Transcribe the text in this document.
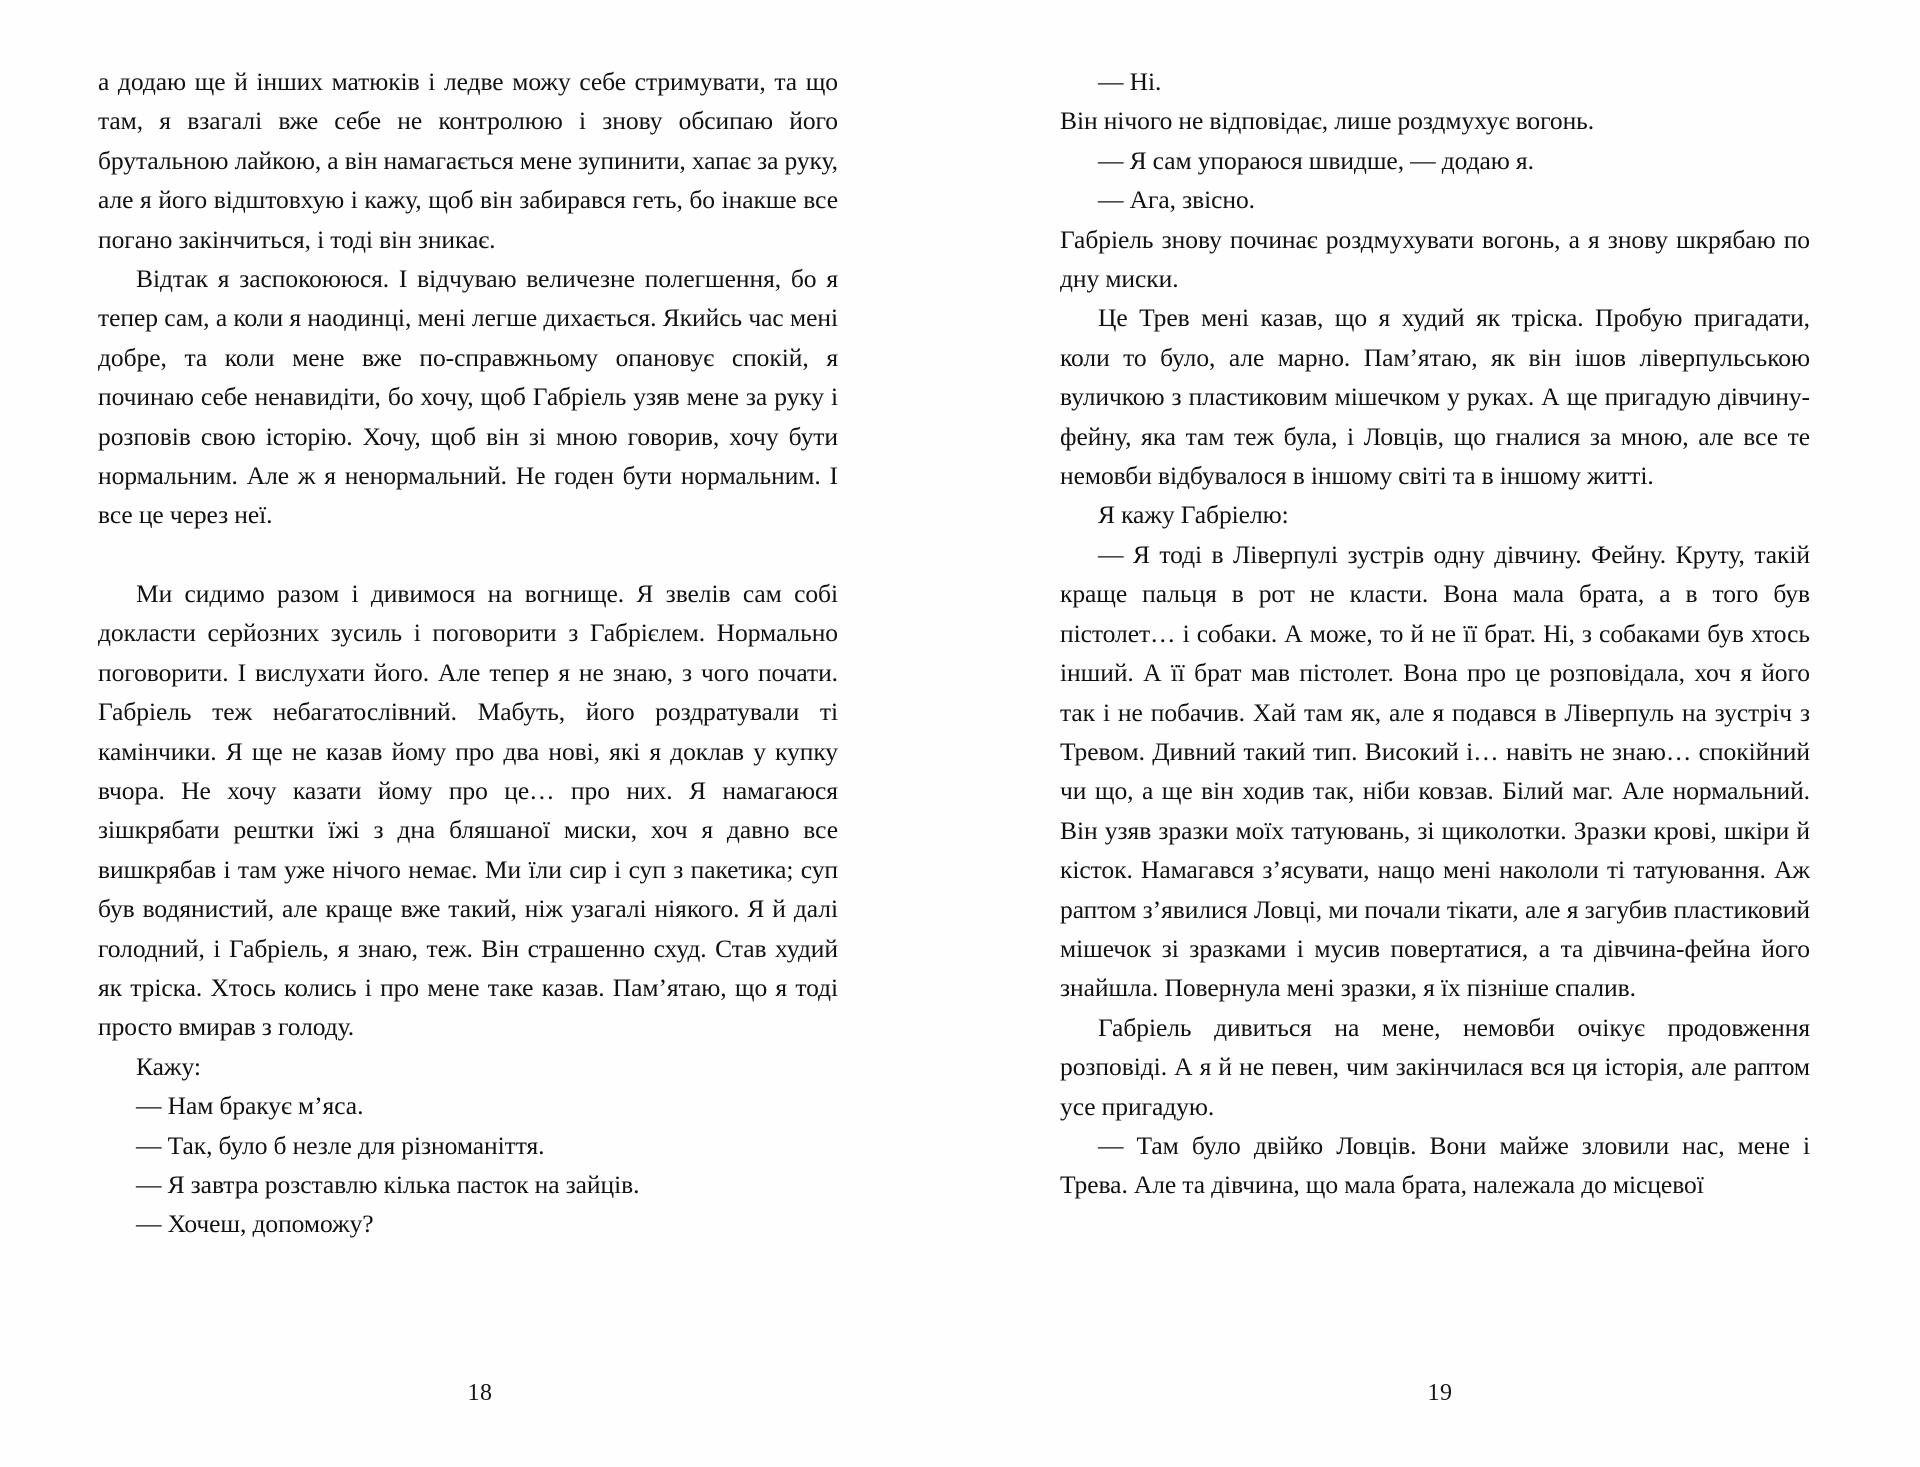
а додаю ще й інших матюків і ледве можу себе стримувати, та що там, я взагалі вже себе не контролюю і знову обсипаю його брутальною лайкою, а він намагається мене зупинити, хапає за руку, але я його відштовхую і кажу, щоб він забирався геть, бо інакше все погано закінчиться, і тоді він зникає.

Відтак я заспокоююся. І відчуваю величезне полегшення, бо я тепер сам, а коли я наодинці, мені легше дихається. Якийсь час мені добре, та коли мене вже по-справжньому опановує спокій, я починаю себе ненавидіти, бо хочу, щоб Габріель узяв мене за руку і розповів свою історію. Хочу, щоб він зі мною говорив, хочу бути нормальним. Але ж я ненормальний. Не годен бути нормальним. І все це через неї.

Ми сидимо разом і дивимося на вогнище. Я звелів сам собі докласти серйозних зусиль і поговорити з Габрієлем. Нормально поговорити. І вислухати його. Але тепер я не знаю, з чого почати. Габріель теж небагатослівний. Мабуть, його роздратували ті камінчики. Я ще не казав йому про два нові, які я доклав у купку вчора. Не хочу казати йому про це… про них. Я намагаюся зішкрябати рештки їжі з дна бляшаної миски, хоч я давно все вишкрябав і там уже нічого немає. Ми їли сир і суп з пакетика; суп був водянистий, але краще вже такий, ніж узагалі ніякого. Я й далі голодний, і Габріель, я знаю, теж. Він страшенно схуд. Став худий як тріска. Хтось колись і про мене таке казав. Пам’ятаю, що я тоді просто вмирав з голоду.

Кажу:

— Нам бракує м’яса.

— Так, було б незле для різноманіття.

— Я завтра розставлю кілька пасток на зайців.

— Хочеш, допоможу?

18

— Ні.

Він нічого не відповідає, лише роздмухує вогонь.

— Я сам упораюся швидше, — додаю я.

— Ага, звісно.

Габріель знову починає роздмухувати вогонь, а я знову шкрябаю по дну миски.

Це Трев мені казав, що я худий як тріска. Пробую пригадати, коли то було, але марно. Пам’ятаю, як він ішов ліверпульською вуличкою з пластиковим мішечком у руках. А ще пригадую дівчину-фейну, яка там теж була, і Ловців, що гналися за мною, але все те немовби відбувалося в іншому світі та в іншому житті.

Я кажу Габріелю:

— Я тоді в Ліверпулі зустрів одну дівчину. Фейну. Круту, такій краще пальця в рот не класти. Вона мала брата, а в того був пістолет… і собаки. А може, то й не її брат. Ні, з собаками був хтось інший. А її брат мав пістолет. Вона про це розповідала, хоч я його так і не побачив. Хай там як, але я подався в Ліверпуль на зустріч з Тревом. Дивний такий тип. Високий і… навіть не знаю… спокійний чи що, а ще він ходив так, ніби ковзав. Білий маг. Але нормальний. Він узяв зразки моїх татуювань, зі щиколотки. Зразки крові, шкіри й кісток. Намагався з’ясувати, нащо мені накололи ті татуювання. Аж раптом з’явилися Ловці, ми почали тікати, але я загубив пластиковий мішечок зі зразками і мусив повертатися, а та дівчина-фейна його знайшла. Повернула мені зразки, я їх пізніше спалив.

Габріель дивиться на мене, немовби очікує продовження розповіді. А я й не певен, чим закінчилася вся ця історія, але раптом усе пригадую.

— Там було двійко Ловців. Вони майже зловили нас, мене і Трева. Але та дівчина, що мала брата, належала до місцевої

19
